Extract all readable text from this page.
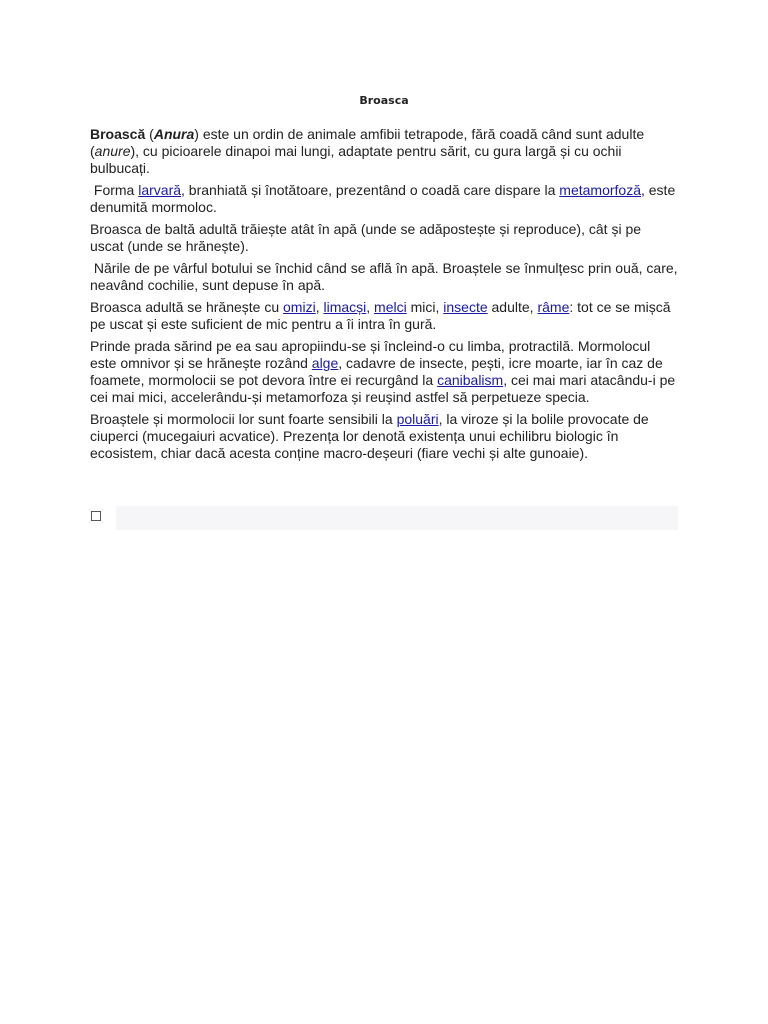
Broasca

Broască (Anura) este un ordin de animale amfibii tetrapode, fără coadă când sunt adulte (anure), cu picioarele dinapoi mai lungi, adaptate pentru sărit, cu gura largă și cu ochii bulbucați.

Forma larvară, branhiată și înotătoare, prezentând o coadă care dispare la metamorfoză, este denumită mormoloc.

Broasca de baltă adultă trăiește atât în apă (unde se adăpostește și reproduce), cât și pe uscat (unde se hrănește).

Nările de pe vârful botului se închid când se află în apă. Broaștele se înmulțesc prin ouă, care, neavând cochilie, sunt depuse în apă.

Broasca adultă se hrănește cu omizi, limacși, melci mici, insecte adulte, râme: tot ce se mișcă pe uscat și este suficient de mic pentru a îi intra în gură.

Prinde prada sărind pe ea sau apropiindu-se și încleind-o cu limba, protractilă. Mormolocul este omnivor și se hrănește rozând alge, cadavre de insecte, pești, icre moarte, iar în caz de foamete, mormolocii se pot devora între ei recurgând la canibalism, cei mai mari atacându-i pe cei mai mici, accelerându-și metamorfoza și reușind astfel să perpetueze specia.

Broaștele și mormolocii lor sunt foarte sensibili la poluări, la viroze și la bolile provocate de ciuperci (mucegaiuri acvatice). Prezența lor denotă existența unui echilibru biologic în ecosistem, chiar dacă acesta conține macro-deșeuri (fiare vechi și alte gunoaie).
